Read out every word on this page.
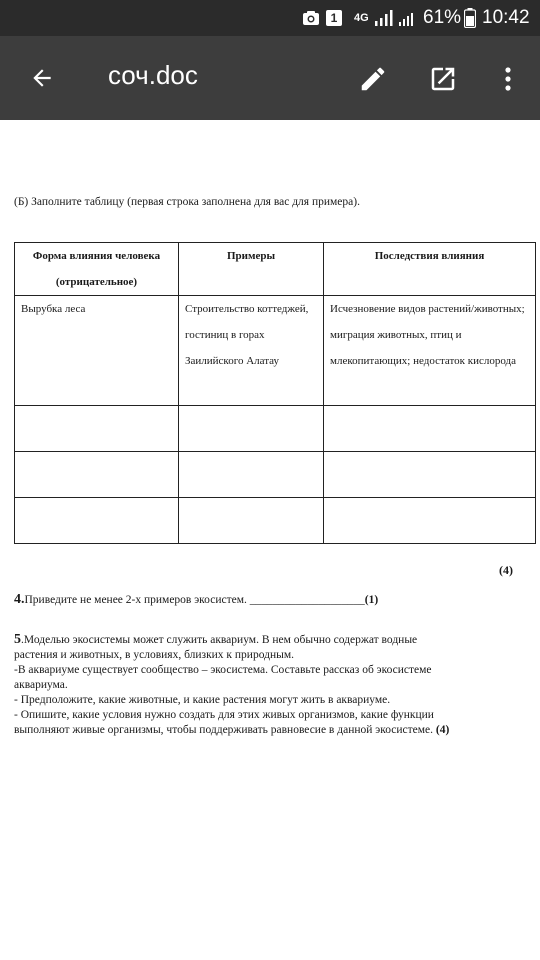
1	4G	61% 10:42
соч.doc
(Б) Заполните таблицу (первая строка заполнена для вас для примера).
Форма влияния человека (отрицательное)	Примеры	Последствия влияния
Вырубка леса	Строительство коттеджей, гостиниц в горах Заилийского Алатау	Исчезновение видов растений/животных; миграция животных, птиц и млекопитающих; недостаток кислорода

(4)
4.Приведите не менее 2-х примеров экосистем. ____________________(1)
5.Моделью экосистемы может служить аквариум. В нем обычно содержат водные
растения и животных, в условиях, близких к природным.
-В аквариуме существует сообщество – экосистема. Составьте рассказ об экосистеме
аквариума.
- Предположите, какие животные, и какие растения могут жить в аквариуме.
- Опишите, какие условия нужно создать для этих живых организмов, какие функции
выполняют живые организмы, чтобы поддерживать равновесие в данной экосистеме. (4)
